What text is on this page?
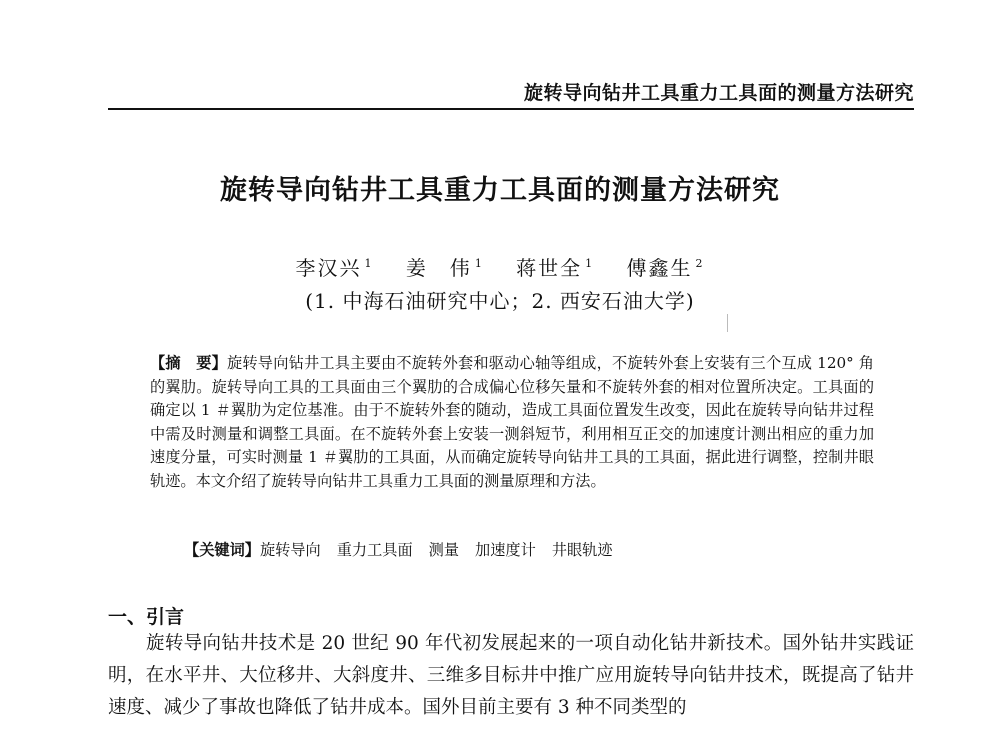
旋转导向钻井工具重力工具面的测量方法研究
旋转导向钻井工具重力工具面的测量方法研究
李汉兴 $^1$ 姜　伟 $^1$ 蒋世全 $^1$ 傅鑫生 $^2$
(1. 中海石油研究中心；2. 西安石油大学)
【摘　要】旋转导向钻井工具主要由不旋转外套和驱动心轴等组成，不旋转外套上安装有三个互成 120° 角的翼肋。旋转导向工具的工具面由三个翼肋的合成偏心位移矢量和不旋转外套的相对位置所决定。工具面的确定以 1 ＃翼肋为定位基准。由于不旋转外套的随动，造成工具面位置发生改变，因此在旋转导向钻井过程中需及时测量和调整工具面。在不旋转外套上安装一测斜短节，利用相互正交的加速度计测出相应的重力加速度分量，可实时测量 1 ＃翼肋的工具面，从而确定旋转导向钻井工具的工具面，据此进行调整，控制井眼轨迹。本文介绍了旋转导向钻井工具重力工具面的测量原理和方法。
【关键词】旋转导向 重力工具面 测量 加速度计 井眼轨迹
一、引言
旋转导向钻井技术是 20 世纪 90 年代初发展起来的一项自动化钻井新技术。国外钻井实践证明，在水平井、大位移井、大斜度井、三维多目标井中推广应用旋转导向钻井技术，既提高了钻井速度、减少了事故也降低了钻井成本。国外目前主要有 3 种不同类型的
